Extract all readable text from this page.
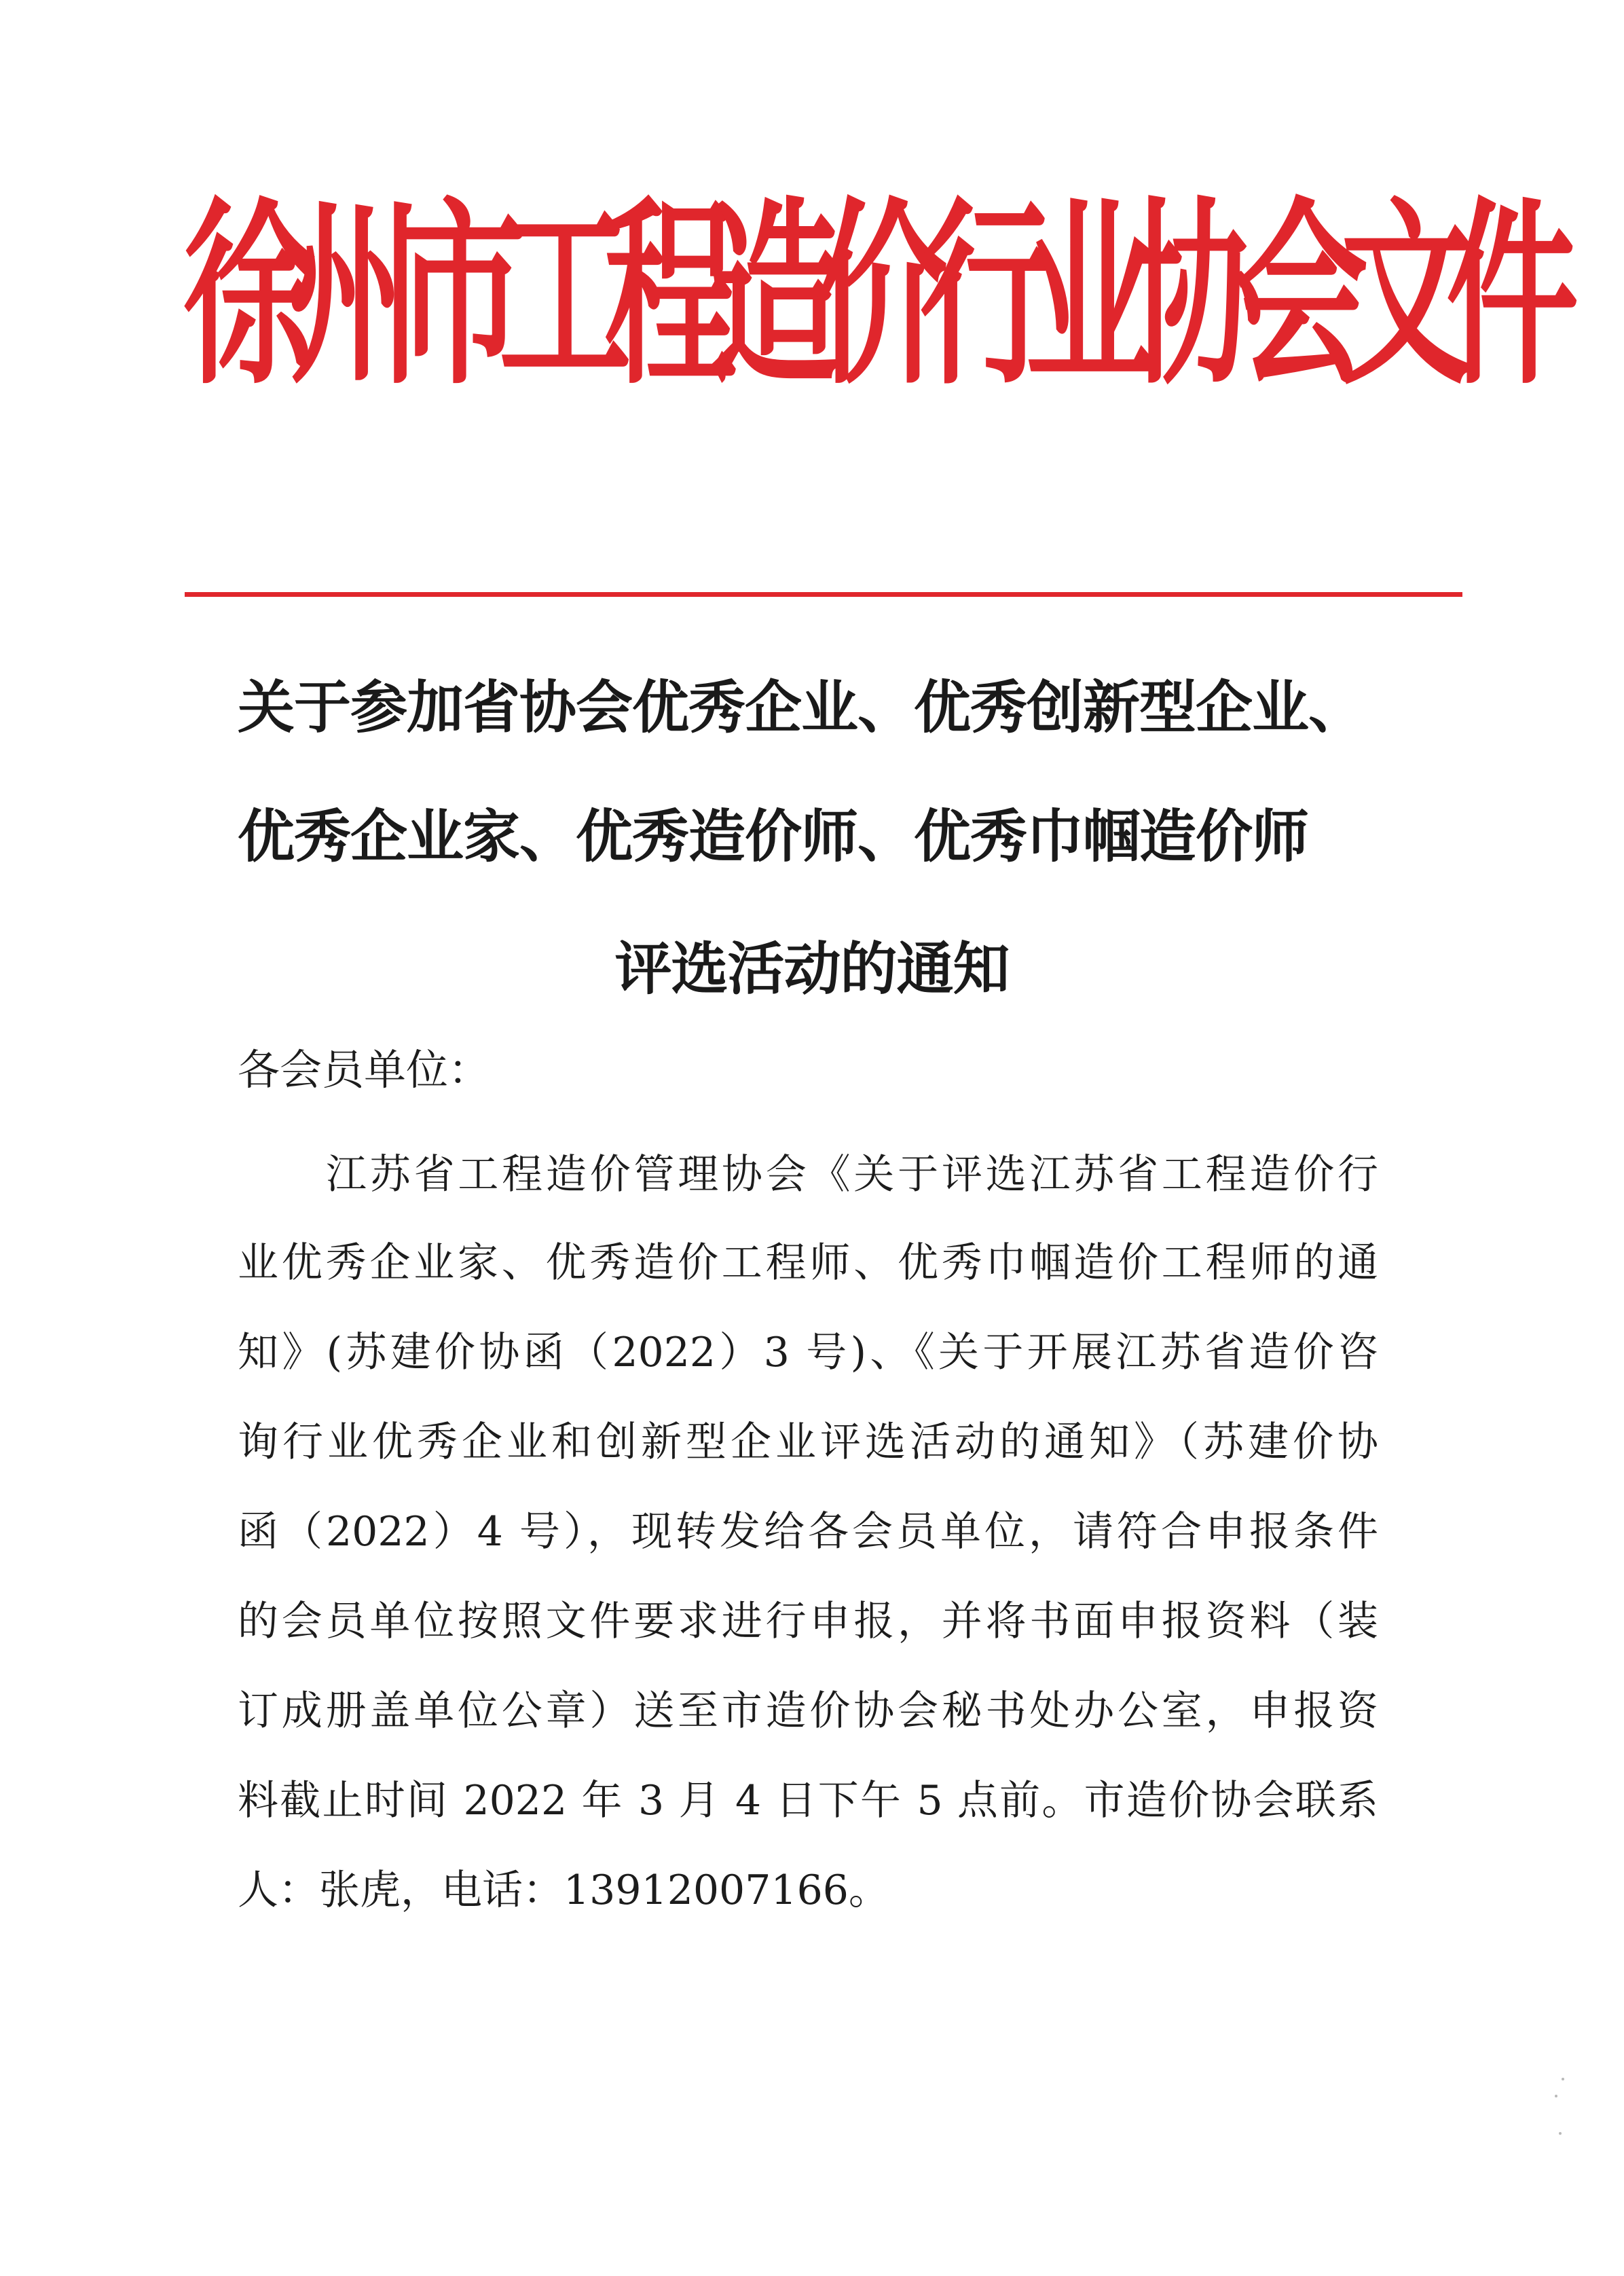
徐
州
市
工
程
造
价
行
业
协
会
文
件
关于参加省协会优秀企业、优秀创新型企业、
优秀企业家、优秀造价师、优秀巾帼造价师
评选活动的通知
各会员单位：
江苏省工程造价管理协会《关于评选江苏省工程造价行
业优秀企业家、优秀造价工程师、优秀巾帼造价工程师的通
知》(苏建价协函（2022）3 号)、《关于开展江苏省造价咨
询行业优秀企业和创新型企业评选活动的通知》（苏建价协
函（2022）4 号），现转发给各会员单位，请符合申报条件
的会员单位按照文件要求进行申报，并将书面申报资料（装
订成册盖单位公章）送至市造价协会秘书处办公室，申报资
料截止时间 2022 年 3 月 4 日下午 5 点前。市造价协会联系
人：张虎，电话：13912007166。
